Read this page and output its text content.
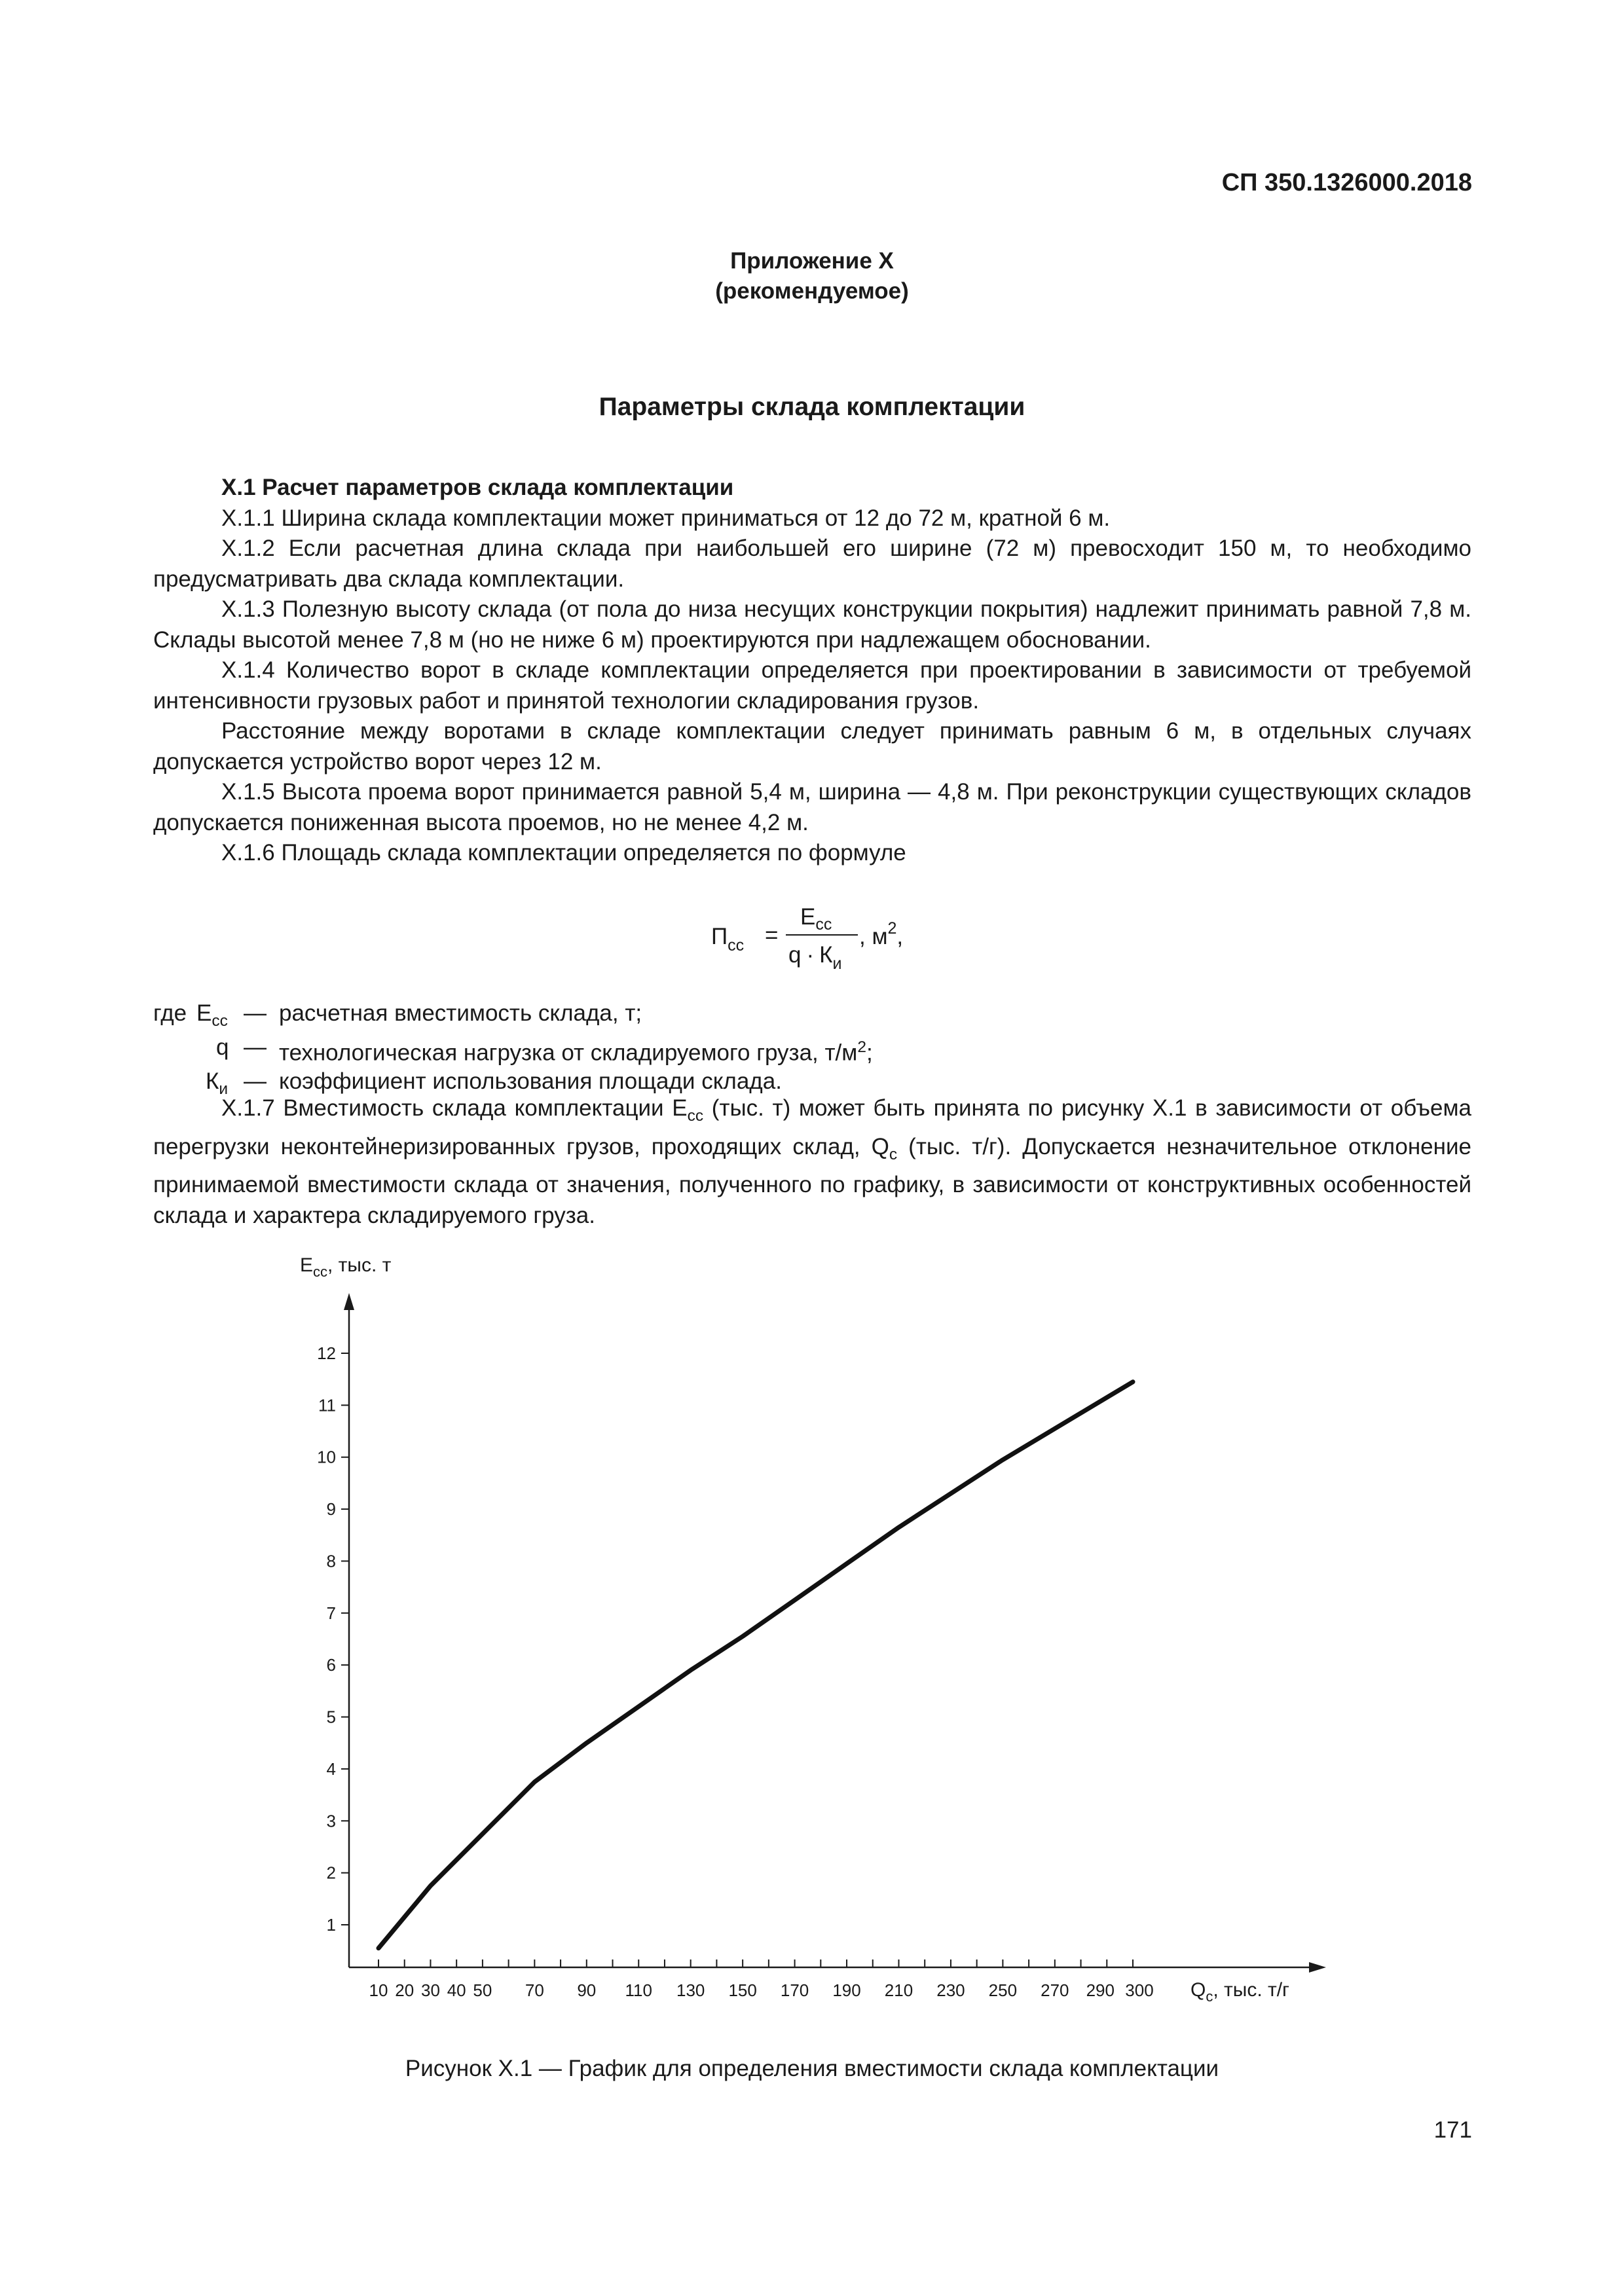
СП 350.1326000.2018
Приложение Х
(рекомендуемое)
Параметры склада комплектации

Х.1 Расчет параметров склада комплектации

Х.1.1 Ширина склада комплектации может приниматься от 12 до 72 м, кратной 6 м.

Х.1.2 Если расчетная длина склада при наибольшей его ширине (72 м) превосходит 150 м, то необходимо предусматривать два склада комплектации.

Х.1.3 Полезную высоту склада (от пола до низа несущих конструкции покрытия) надлежит принимать равной 7,8 м. Склады высотой менее 7,8 м (но не ниже 6 м) проектируются при надлежащем обосновании.

Х.1.4 Количество ворот в складе комплектации определяется при проектировании в зависимости от требуемой интенсивности грузовых работ и принятой технологии складирования грузов.

Расстояние между воротами в складе комплектации следует принимать равным 6 м, в отдельных случаях допускается устройство ворот через 12 м.

Х.1.5 Высота проема ворот принимается равной 5,4 м, ширина — 4,8 м. При реконструкции существующих складов допускается пониженная высота проемов, но не менее 4,2 м.

Х.1.6 Площадь склада комплектации определяется по формуле

$П_{сс}$ =
$E_{сс}$
$q \cdot К_и$
, $м^2$,
где $E_{сс}$ — расчетная вместимость склада, т;
q — технологическая нагрузка от складируемого груза, $т/м^2$;
$К_и$ — коэффициент использования площади склада.

Х.1.7 Вместимость склада комплектации $E_{сс}$ (тыс. т) может быть принята по рисунку Х.1 в зависимости от объема перегрузки неконтейнеризированных грузов, проходящих склад, $Q_с$ (тыс. т/г). Допускается незначительное отклонение принимаемой вместимости склада от значения, полученного по графику, в зависимости от конструктивных особенностей склада и характера складируемого груза.

1
2
3
4
5
6
7
8
9
10
11
12
10 20 30 40 50 70 90 110 130 150 170 190 210 230 250 270 290 300
$E_{сс}$, тыс. т
$Q_с$, тыс. т/г
Рисунок Х.1 — График для определения вместимости склада комплектации
171
